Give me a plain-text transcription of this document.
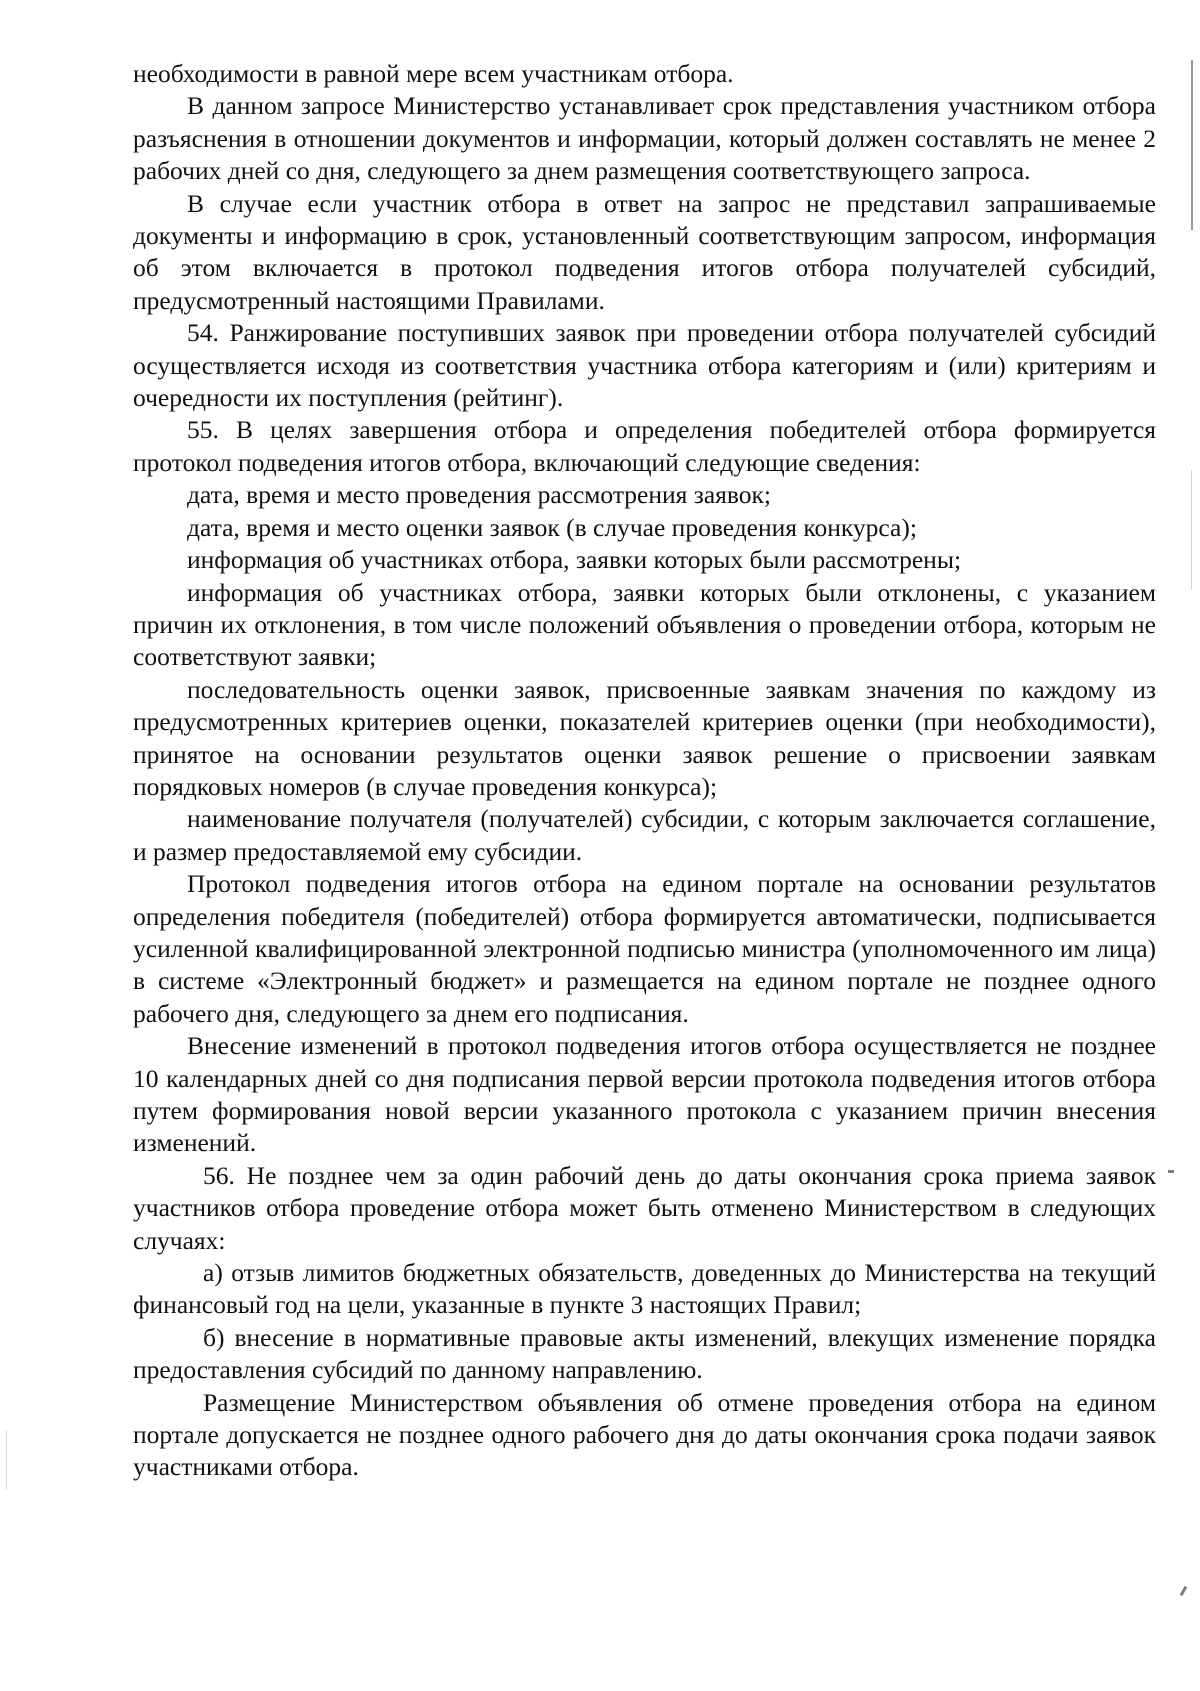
необходимости в равной мере всем участникам отбора.

В данном запросе Министерство устанавливает срок представления участником отбора разъяснения в отношении документов и информации, который должен составлять не менее 2 рабочих дней со дня, следующего за днем размещения соответствующего запроса.

В случае если участник отбора в ответ на запрос не представил запрашиваемые документы и информацию в срок, установленный соответствующим запросом, информация об этом включается в протокол подведения итогов отбора получателей субсидий, предусмотренный настоящими Правилами.

54. Ранжирование поступивших заявок при проведении отбора получателей субсидий осуществляется исходя из соответствия участника отбора категориям и (или) критериям и очередности их поступления (рейтинг).

55. В целях завершения отбора и определения победителей отбора формируется протокол подведения итогов отбора, включающий следующие сведения:

дата, время и место проведения рассмотрения заявок;

дата, время и место оценки заявок (в случае проведения конкурса);

информация об участниках отбора, заявки которых были рассмотрены;

информация об участниках отбора, заявки которых были отклонены, с указанием причин их отклонения, в том числе положений объявления о проведении отбора, которым не соответствуют заявки;

последовательность оценки заявок, присвоенные заявкам значения по каждому из предусмотренных критериев оценки, показателей критериев оценки (при необходимости), принятое на основании результатов оценки заявок решение о присвоении заявкам порядковых номеров (в случае проведения конкурса);

наименование получателя (получателей) субсидии, с которым заключается соглашение, и размер предоставляемой ему субсидии.

Протокол подведения итогов отбора на едином портале на основании результатов определения победителя (победителей) отбора формируется автоматически, подписывается усиленной квалифицированной электронной подписью министра (уполномоченного им лица) в системе «Электронный бюджет» и размещается на едином портале не позднее одного рабочего дня, следующего за днем его подписания.

Внесение изменений в протокол подведения итогов отбора осуществляется не позднее 10 календарных дней со дня подписания первой версии протокола подведения итогов отбора путем формирования новой версии указанного протокола с указанием причин внесения изменений.

56. Не позднее чем за один рабочий день до даты окончания срока приема заявок участников отбора проведение отбора может быть отменено Министерством в следующих случаях:

а) отзыв лимитов бюджетных обязательств, доведенных до Министерства на текущий финансовый год на цели, указанные в пункте 3 настоящих Правил;

б) внесение в нормативные правовые акты изменений, влекущих изменение порядка предоставления субсидий по данному направлению.

Размещение Министерством объявления об отмене проведения отбора на едином портале допускается не позднее одного рабочего дня до даты окончания срока подачи заявок участниками отбора.
